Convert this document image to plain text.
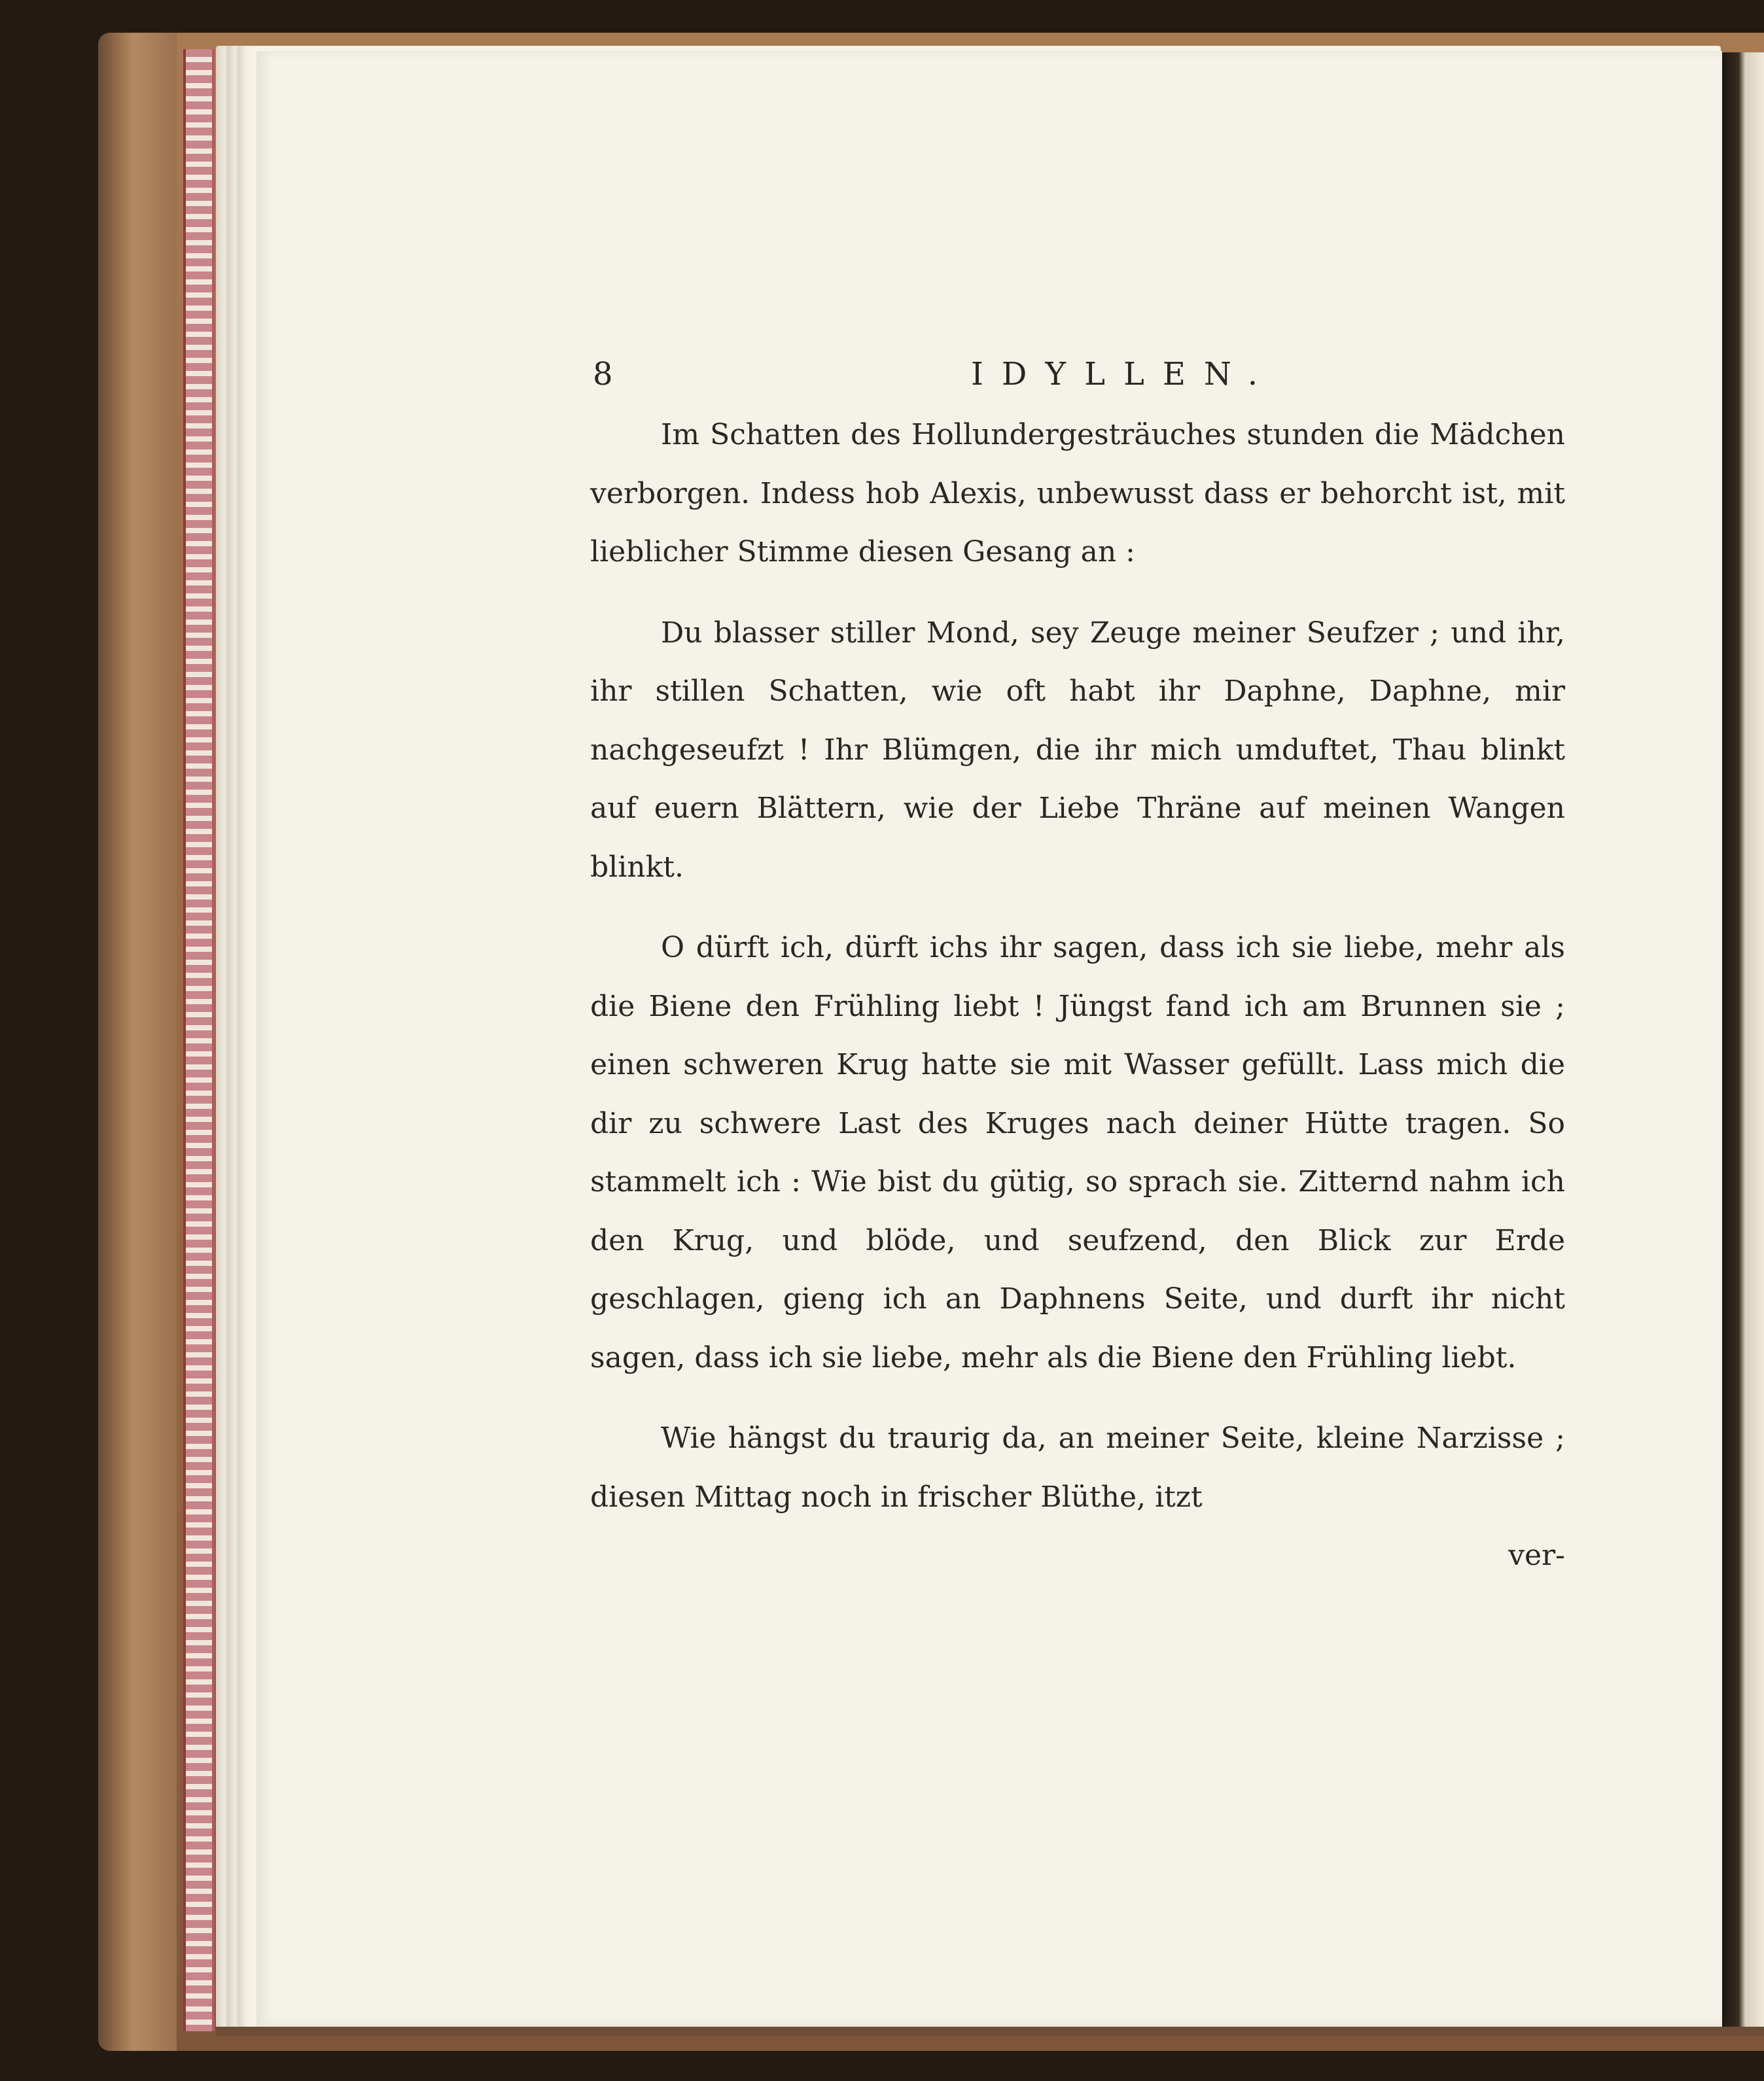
8	IDYLLEN.

Im Schatten des Hollundergesträuches stunden die Mädchen verborgen. Indess hob Alexis, unbewusst dass er behorcht ist, mit lieblicher Stimme diesen Gesang an :

Du blasser stiller Mond, sey Zeuge meiner Seufzer ; und ihr, ihr stillen Schatten, wie oft habt ihr Daphne, Daphne, mir nachgeseufzt ! Ihr Blümgen, die ihr mich umduftet, Thau blinkt auf euern Blättern, wie der Liebe Thräne auf meinen Wangen blinkt.

O dürft ich, dürft ichs ihr sagen, dass ich sie liebe, mehr als die Biene den Frühling liebt ! Jüngst fand ich am Brunnen sie ; einen schweren Krug hatte sie mit Wasser gefüllt. Lass mich die dir zu schwere Last des Kruges nach deiner Hütte tragen. So stammelt ich : Wie bist du gütig, so sprach sie. Zitternd nahm ich den Krug, und blöde, und seufzend, den Blick zur Erde geschlagen, gieng ich an Daphnens Seite, und durft ihr nicht sagen, dass ich sie liebe, mehr als die Biene den Frühling liebt.

Wie hängst du traurig da, an meiner Seite, kleine Narzisse ; diesen Mittag noch in frischer Blüthe, itzt

ver-
